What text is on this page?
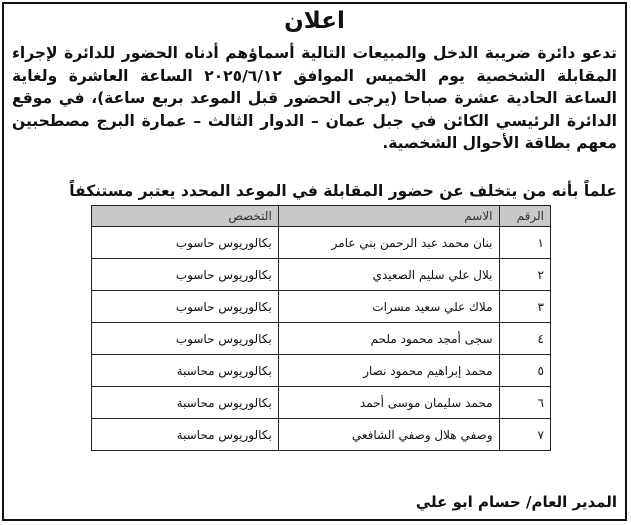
اعلان

تدعو دائرة ضريبة الدخل والمبيعات التالية أسماؤهم أدناه الحضور للدائرة لإجراء المقابلة الشخصية يوم الخميس الموافق ٢٠٢٥/٦/١٢ الساعة العاشرة ولغاية الساعة الحادية عشرة صباحا (يرجى الحضور قبل الموعد بربع ساعة)، في موقع الدائرة الرئيسي الكائن في جبل عمان – الدوار الثالث – عمارة البرج مصطحبين معهم بطاقة الأحوال الشخصية.

علماً بأنه من يتخلف عن حضور المقابلة في الموعد المحدد يعتبر مستنكفاً

الرقم	الاسم	التخصص
١	بنان محمد عبد الرحمن بني عامر	بكالوريوس حاسوب
٢	بلال علي سليم الصعيدي	بكالوريوس حاسوب
٣	ملاك علي سعيد مسرات	بكالوريوس حاسوب
٤	سجى أمجد محمود ملحم	بكالوريوس حاسوب
٥	محمد إبراهيم محمود نصار	بكالوريوس محاسبة
٦	محمد سليمان موسى أحمد	بكالوريوس محاسبة
٧	وصفي هلال وصفي الشافعي	بكالوريوس محاسبة

المدير العام/ حسام ابو علي
